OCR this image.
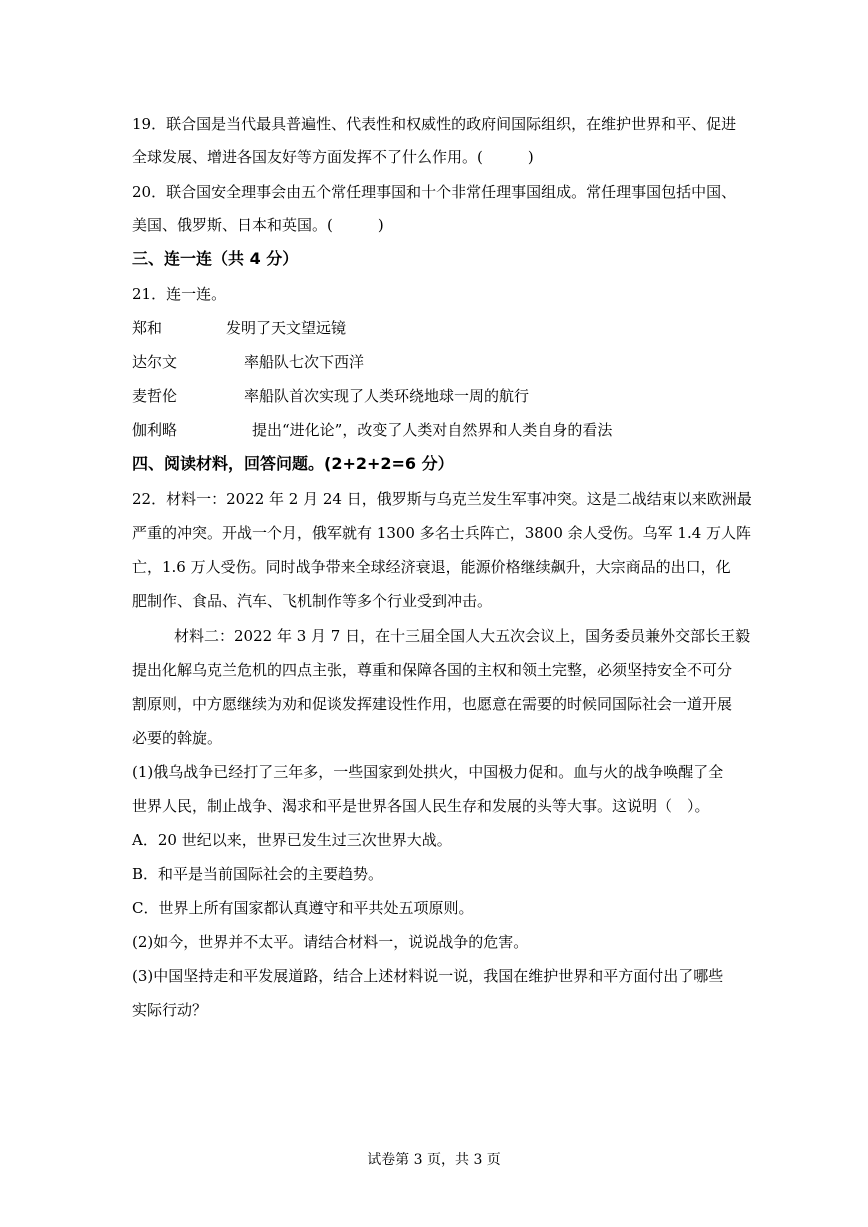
19．联合国是当代最具普遍性、代表性和权威性的政府间国际组织，在维护世界和平、促进
全球发展、增进各国友好等方面发挥不了什么作用。(　　　)
20．联合国安全理事会由五个常任理事国和十个非常任理事国组成。常任理事国包括中国、
美国、俄罗斯、日本和英国。(　　　)
三、连一连（共 4 分）
21．连一连。
郑和	发明了天文望远镜
达尔文	率船队七次下西洋
麦哲伦	率船队首次实现了人类环绕地球一周的航行
伽利略	提出“进化论”，改变了人类对自然界和人类自身的看法
四、阅读材料，回答问题。(2+2+2=6 分）
22．材料一：2022 年 2 月 24 日，俄罗斯与乌克兰发生军事冲突。这是二战结束以来欧洲最
严重的冲突。开战一个月，俄军就有 1300 多名士兵阵亡，3800 余人受伤。乌军 1.4 万人阵
亡，1.6 万人受伤。同时战争带来全球经济衰退，能源价格继续飙升，大宗商品的出口，化
肥制作、食品、汽车、飞机制作等多个行业受到冲击。
材料二：2022 年 3 月 7 日，在十三届全国人大五次会议上，国务委员兼外交部长王毅
提出化解乌克兰危机的四点主张，尊重和保障各国的主权和领土完整，必须坚持安全不可分
割原则，中方愿继续为劝和促谈发挥建设性作用，也愿意在需要的时候同国际社会一道开展
必要的斡旋。
(1)俄乌战争已经打了三年多，一些国家到处拱火，中国极力促和。血与火的战争唤醒了全
世界人民，制止战争、渴求和平是世界各国人民生存和发展的头等大事。这说明（　）。
A．20 世纪以来，世界已发生过三次世界大战。
B．和平是当前国际社会的主要趋势。
C．世界上所有国家都认真遵守和平共处五项原则。
(2)如今，世界并不太平。请结合材料一，说说战争的危害。
(3)中国坚持走和平发展道路，结合上述材料说一说，我国在维护世界和平方面付出了哪些
实际行动？
试卷第 3 页，共 3 页
